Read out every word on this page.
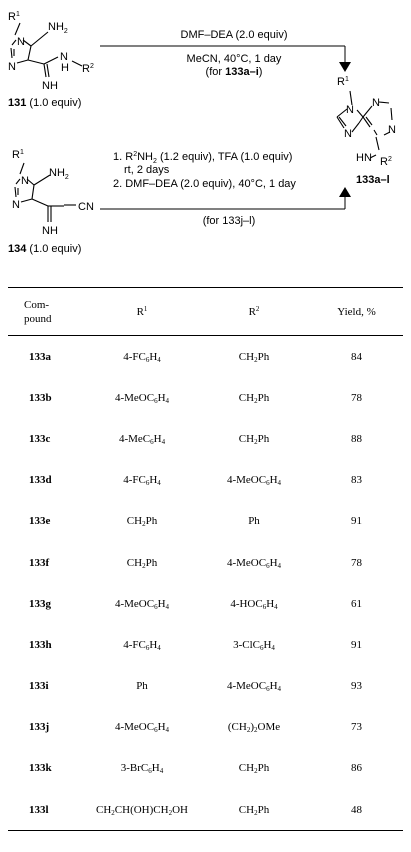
$R^1$
N
N
$NH_2$
N
H
NH
$R^2$
131 (1.0 equiv)
DMF–DEA (2.0 equiv)
MeCN, 40°C, 1 day
(for 133a–i)
$R^1$
N
N
N
N
HN $R^2$
133a–l
$R^1$
N
N
$NH_2$
CN
NH
134 (1.0 equiv)
1. $R^2NH_2$ (1.2 equiv), TFA (1.0 equiv)
rt, 2 days
2. DMF–DEA (2.0 equiv), 40°C, 1 day
(for 133j–l)
Com-
pound	$R^1$	$R^2$	Yield, %
133a	$4-FC_6H_4$	$CH_2Ph$	84
133b	$4-MeOC_6H_4$	$CH_2Ph$	78
133c	$4-MeC_6H_4$	$CH_2Ph$	88
133d	$4-FC_6H_4$	$4-MeOC_6H_4$	83
133e	$CH_2Ph$	Ph	91
133f	$CH_2Ph$	$4-MeOC_6H_4$	78
133g	$4-MeOC_6H_4$	$4-HOC_6H_4$	61
133h	$4-FC_6H_4$	$3-ClC_6H_4$	91
133i	Ph	$4-MeOC_6H_4$	93
133j	$4-MeOC_6H_4$	$(CH_2)_2OMe$	73
133k	$3-BrC_6H_4$	$CH_2Ph$	86
133l	$CH_2CH(OH)CH_2OH$	$CH_2Ph$	48
